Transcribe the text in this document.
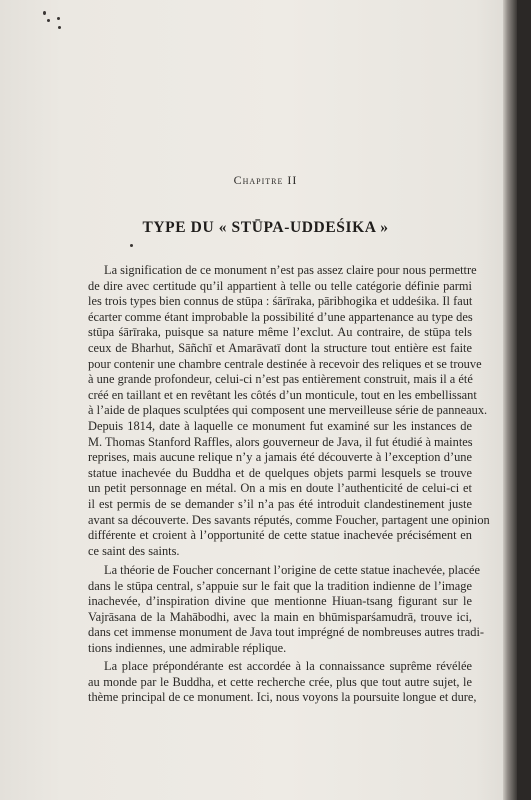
Chapitre II
TYPE DU « STŪPA-UDDEŚIKA »
La signification de ce monument n’est pas assez claire pour nous permettre
de dire avec certitude qu’il appartient à telle ou telle catégorie définie parmi
les trois types bien connus de stūpa : śārīraka, pāribhogika et uddeśika. Il faut
écarter comme étant improbable la possibilité d’une appartenance au type des
stūpa śārīraka, puisque sa nature même l’exclut. Au contraire, de stūpa tels
ceux de Bharhut, Sāñchī et Amarāvatī dont la structure tout entière est faite
pour contenir une chambre centrale destinée à recevoir des reliques et se trouve
à une grande profondeur, celui-ci n’est pas entièrement construit, mais il a été
créé en taillant et en revêtant les côtés d’un monticule, tout en les embellissant
à l’aide de plaques sculptées qui composent une merveilleuse série de panneaux.
Depuis 1814, date à laquelle ce monument fut examiné sur les instances de
M. Thomas Stanford Raffles, alors gouverneur de Java, il fut étudié à maintes
reprises, mais aucune relique n’y a jamais été découverte à l’exception d’une
statue inachevée du Buddha et de quelques objets parmi lesquels se trouve
un petit personnage en métal. On a mis en doute l’authenticité de celui-ci et
il est permis de se demander s’il n’a pas été introduit clandestinement juste
avant sa découverte. Des savants réputés, comme Foucher, partagent une opinion
différente et croient à l’opportunité de cette statue inachevée précisément en
ce saint des saints.
La théorie de Foucher concernant l’origine de cette statue inachevée, placée
dans le stūpa central, s’appuie sur le fait que la tradition indienne de l’image
inachevée, d’inspiration divine que mentionne Hiuan-tsang figurant sur le
Vajrāsana de la Mahābodhi, avec la main en bhūmisparśamudrā, trouve ici,
dans cet immense monument de Java tout imprégné de nombreuses autres tradi-
tions indiennes, une admirable réplique.
La place prépondérante est accordée à la connaissance suprême révélée
au monde par le Buddha, et cette recherche crée, plus que tout autre sujet, le
thème principal de ce monument. Ici, nous voyons la poursuite longue et dure,
